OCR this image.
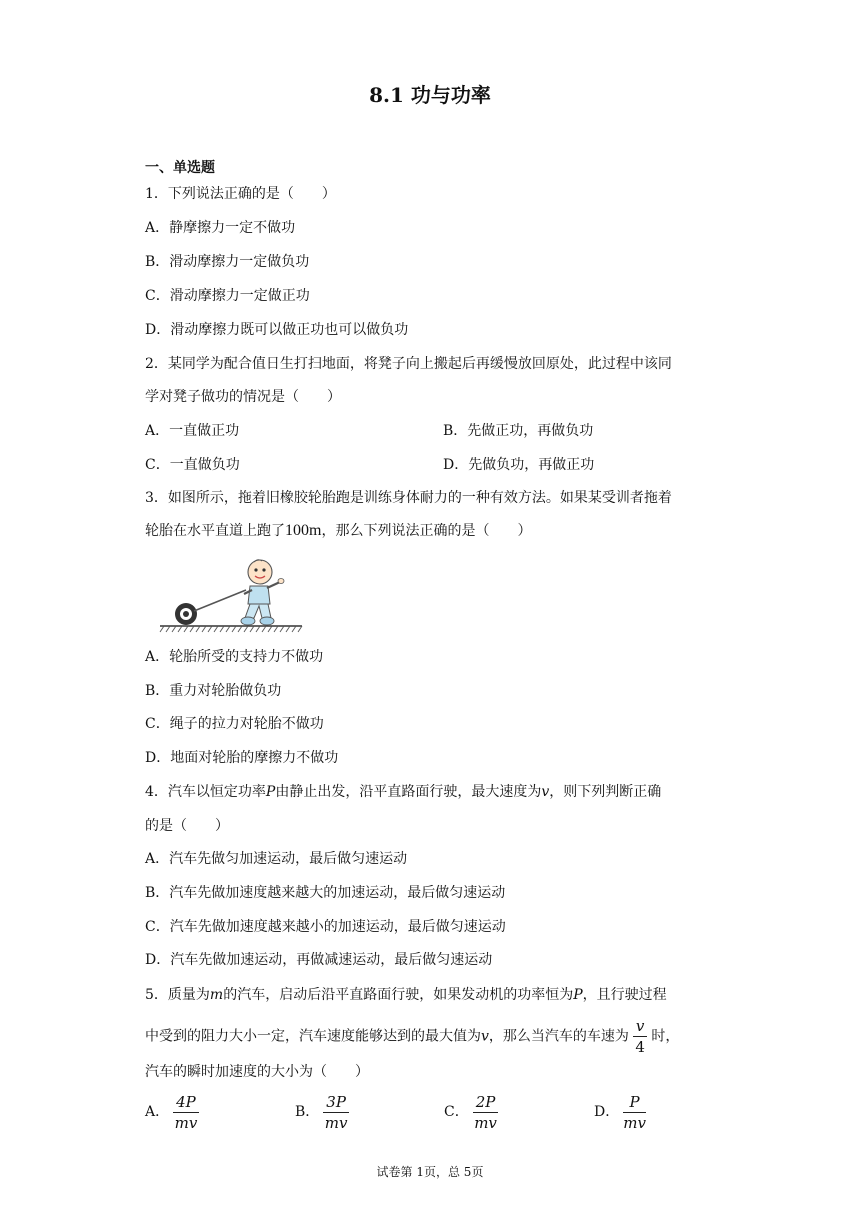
8.1 功与功率
一、单选题
1．下列说法正确的是（　　）
A．静摩擦力一定不做功
B．滑动摩擦力一定做负功
C．滑动摩擦力一定做正功
D．滑动摩擦力既可以做正功也可以做负功
2．某同学为配合值日生打扫地面，将凳子向上搬起后再缓慢放回原处，此过程中该同
学对凳子做功的情况是（　　）
A．一直做正功	B．先做正功，再做负功
C．一直做负功	D．先做负功，再做正功
3．如图所示，拖着旧橡胶轮胎跑是训练身体耐力的一种有效方法。如果某受训者拖着
轮胎在水平直道上跑了100m，那么下列说法正确的是（　　）
A．轮胎所受的支持力不做功
B．重力对轮胎做负功
C．绳子的拉力对轮胎不做功
D．地面对轮胎的摩擦力不做功
4．汽车以恒定功率P由静止出发，沿平直路面行驶，最大速度为v，则下列判断正确
的是（　　）
A．汽车先做匀加速运动，最后做匀速运动
B．汽车先做加速度越来越大的加速运动，最后做匀速运动
C．汽车先做加速度越来越小的加速运动，最后做匀速运动
D．汽车先做加速运动，再做减速运动，最后做匀速运动
5．质量为m的汽车，启动后沿平直路面行驶，如果发动机的功率恒为P，且行驶过程
中受到的阻力大小一定，汽车速度能够达到的最大值为v，那么当汽车的车速为 $\frac{v}{4}$ 时，
汽车的瞬时加速度的大小为（　　）
A． $\frac{4P}{mv}$	B． $\frac{3P}{mv}$	C． $\frac{2P}{mv}$	D． $\frac{P}{mv}$
试卷第 1页，总 5页
